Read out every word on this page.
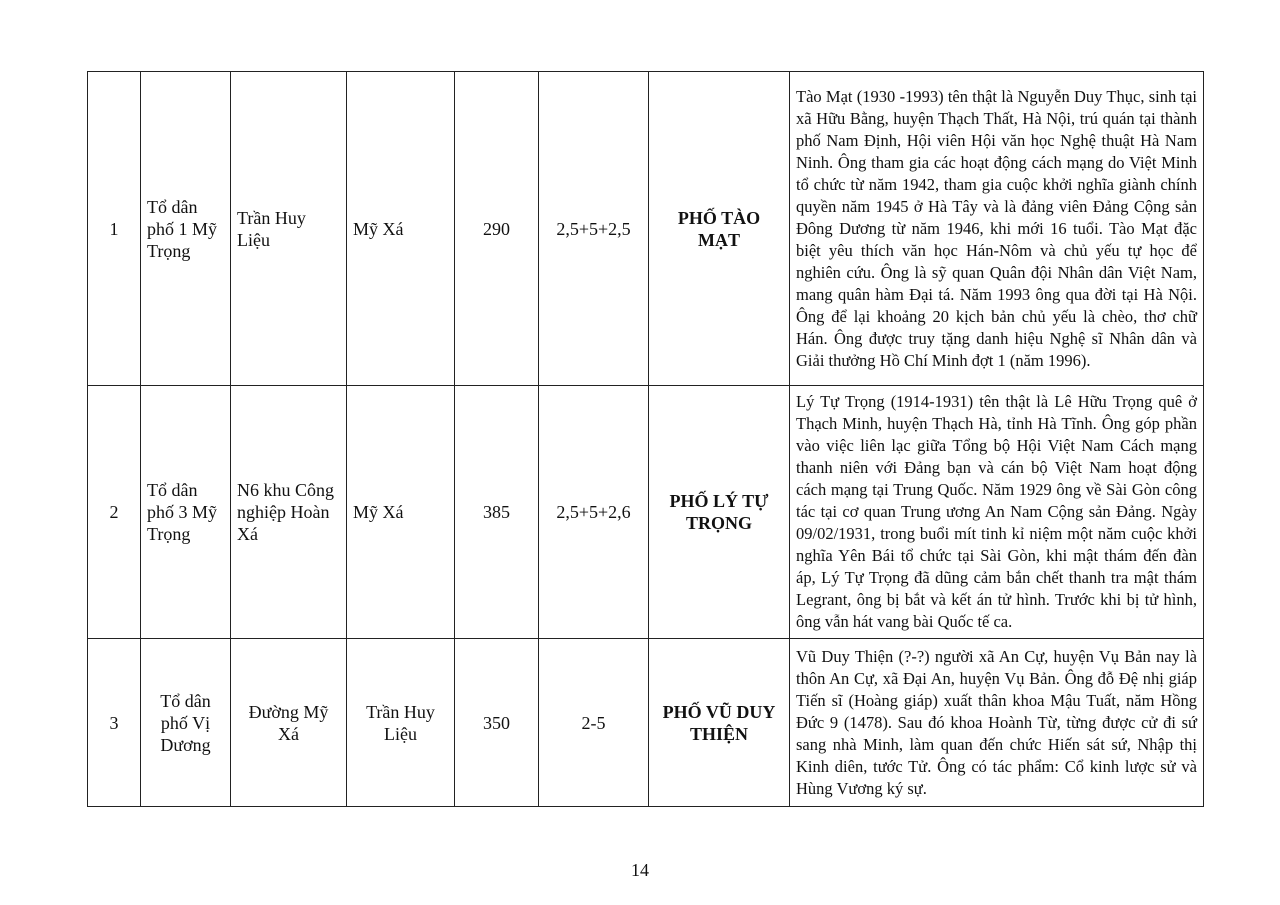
1	Tổ dân phố 1 Mỹ Trọng	Trần Huy Liệu	Mỹ Xá	290	2,5+5+2,5	PHỐ TÀO MẠT	Tào Mạt (1930 -1993) tên thật là Nguyễn Duy Thục, sinh tại xã Hữu Bằng, huyện Thạch Thất, Hà Nội, trú quán tại thành phố Nam Định, Hội viên Hội văn học Nghệ thuật Hà Nam Ninh. Ông tham gia các hoạt động cách mạng do Việt Minh tổ chức từ năm 1942, tham gia cuộc khởi nghĩa giành chính quyền năm 1945 ở Hà Tây và là đảng viên Đảng Cộng sản Đông Dương từ năm 1946, khi mới 16 tuổi. Tào Mạt đặc biệt yêu thích văn học Hán-Nôm và chủ yếu tự học để nghiên cứu. Ông là sỹ quan Quân đội Nhân dân Việt Nam, mang quân hàm Đại tá. Năm 1993 ông qua đời tại Hà Nội. Ông để lại khoảng 20 kịch bản chủ yếu là chèo, thơ chữ Hán. Ông được truy tặng danh hiệu Nghệ sĩ Nhân dân và Giải thưởng Hồ Chí Minh đợt 1 (năm 1996).
2	Tổ dân phố 3 Mỹ Trọng	N6 khu Công nghiệp Hoàn Xá	Mỹ Xá	385	2,5+5+2,6	PHỐ LÝ TỰ TRỌNG	Lý Tự Trọng (1914-1931) tên thật là Lê Hữu Trọng quê ở Thạch Minh, huyện Thạch Hà, tỉnh Hà Tĩnh. Ông góp phần vào việc liên lạc giữa Tổng bộ Hội Việt Nam Cách mạng thanh niên với Đảng bạn và cán bộ Việt Nam hoạt động cách mạng tại Trung Quốc. Năm 1929 ông về Sài Gòn công tác tại cơ quan Trung ương An Nam Cộng sản Đảng. Ngày 09/02/1931, trong buổi mít tinh kỉ niệm một năm cuộc khởi nghĩa Yên Bái tổ chức tại Sài Gòn, khi mật thám đến đàn áp, Lý Tự Trọng đã dũng cảm bắn chết thanh tra mật thám Legrant, ông bị bắt và kết án tử hình. Trước khi bị tử hình, ông vẫn hát vang bài Quốc tế ca.
3	Tổ dân phố Vị Dương	Đường Mỹ Xá	Trần Huy Liệu	350	2-5	PHỐ VŨ DUY THIỆN	Vũ Duy Thiện (?-?) người xã An Cự, huyện Vụ Bản nay là thôn An Cự, xã Đại An, huyện Vụ Bản. Ông đỗ Đệ nhị giáp Tiến sĩ (Hoàng giáp) xuất thân khoa Mậu Tuất, năm Hồng Đức 9 (1478). Sau đó khoa Hoành Từ, từng được cử đi sứ sang nhà Minh, làm quan đến chức Hiến sát sứ, Nhập thị Kinh diên, tước Tử. Ông có tác phẩm: Cổ kinh lược sử và Hùng Vương ký sự.
14
